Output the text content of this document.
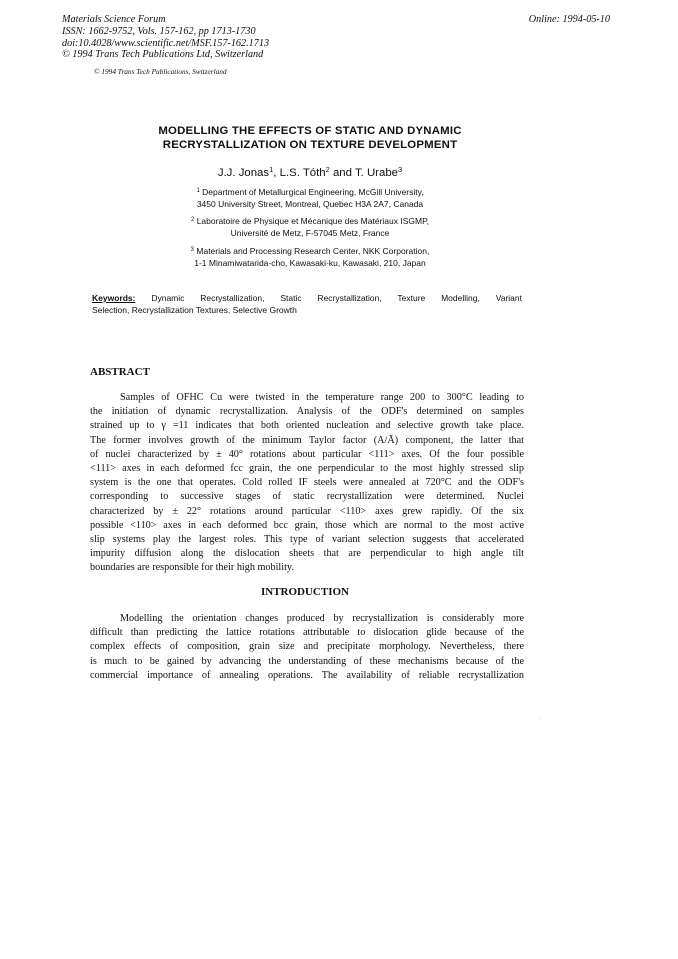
Materials Science Forum
ISSN: 1662-9752, Vols. 157-162, pp 1713-1730
doi:10.4028/www.scientific.net/MSF.157-162.1713
© 1994 Trans Tech Publications Ltd, Switzerland
Online: 1994-05-10
© 1994 Trans Tech Publications, Switzerland
MODELLING THE EFFECTS OF STATIC AND DYNAMIC
RECRYSTALLIZATION ON TEXTURE DEVELOPMENT
J.J. Jonas$^1$, L.S. Tóth$^2$ and T. Urabe$^3$
$^1$ Department of Metallurgical Engineering, McGill University,
3450 University Street, Montreal, Quebec H3A 2A7, Canada
$^2$ Laboratoire de Physique et Mécanique des Matériaux ISGMP,
Université de Metz, F-57045 Metz, France
$^3$ Materials and Processing Research Center, NKK Corporation,
1-1 Minamiwatarida-cho, Kawasaki-ku, Kawasaki, 210, Japan
Keywords: Dynamic Recrystallization, Static Recrystallization, Texture Modelling, Variant
Selection, Recrystallization Textures, Selective Growth
ABSTRACT
Samples of OFHC Cu were twisted in the temperature range 200 to 300°C leading to
the initiation of dynamic recrystallization. Analysis of the ODF's determined on samples
strained up to γ =11 indicates that both oriented nucleation and selective growth take place.
The former involves growth of the minimum Taylor factor (A/Ā) component, the latter that
of nuclei characterized by ± 40° rotations about particular <111> axes. Of the four possible
<111> axes in each deformed fcc grain, the one perpendicular to the most highly stressed slip
system is the one that operates. Cold rolled IF steels were annealed at 720°C and the ODF's
corresponding to successive stages of static recrystallization were determined. Nuclei
characterized by ± 22° rotations around particular <110> axes grew rapidly. Of the six
possible <110> axes in each deformed bcc grain, those which are normal to the most active
slip systems play the largest roles. This type of variant selection suggests that accelerated
impurity diffusion along the dislocation sheets that are perpendicular to high angle tilt
boundaries are responsible for their high mobility.
INTRODUCTION
Modelling the orientation changes produced by recrystallization is considerably more
difficult than predicting the lattice rotations attributable to dislocation glide because of the
complex effects of composition, grain size and precipitate morphology. Nevertheless, there
is much to be gained by advancing the understanding of these mechanisms because of the
commercial importance of annealing operations. The availability of reliable recrystallization
